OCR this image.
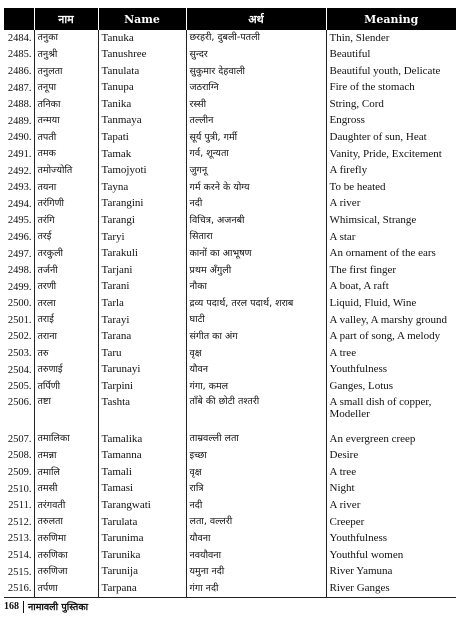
	नाम	Name	अर्थ	Meaning
2484.	तनुका	Tanuka	छरहरी, दुबली-पतली	Thin, Slender
2485.	तनुश्री	Tanushree	सुन्दर	Beautiful
2486.	तनुलता	Tanulata	सुकुमार देहवाली	Beautiful youth, Delicate
2487.	तनूपा	Tanupa	जठराग्नि	Fire of the stomach
2488.	तनिका	Tanika	रस्सी	String, Cord
2489.	तन्मया	Tanmaya	तल्लीन	Engross
2490.	तपती	Tapati	सूर्य पुत्री, गर्मी	Daughter of sun, Heat
2491.	तमक	Tamak	गर्व, शून्यता	Vanity, Pride, Excitement
2492.	तमोज्योति	Tamojyoti	जुगनू	A firefly
2493.	तयना	Tayna	गर्म करने के योग्य	To be heated
2494.	तरंगिणी	Tarangini	नदी	A river
2495.	तरंगि	Tarangi	विचित्र, अजनबी	Whimsical, Strange
2496.	तरई	Taryi	सितारा	A star
2497.	तरकुली	Tarakuli	कानों का आभूषण	An ornament of the ears
2498.	तर्जनी	Tarjani	प्रथम अँगुली	The first finger
2499.	तरणी	Tarani	नौका	A boat, A raft
2500.	तरला	Tarla	द्रव्य पदार्थ, तरल पदार्थ, शराब	Liquid, Fluid, Wine
2501.	तराई	Tarayi	घाटी	A valley, A marshy ground
2502.	तराना	Tarana	संगीत का अंग	A part of song, A melody
2503.	तरु	Taru	वृक्ष	A tree
2504.	तरुणाई	Tarunayi	यौवन	Youthfulness
2505.	तर्पिणी	Tarpini	गंगा, कमल	Ganges, Lotus
2506.	तष्टा	Tashta	ताँबे की छोटी तश्तरी	A small dish of copper, Modeller
2507.	तमालिका	Tamalika	ताम्रवल्ली लता	An evergreen creep
2508.	तमन्ना	Tamanna	इच्छा	Desire
2509.	तमालि	Tamali	वृक्ष	A tree
2510.	तमसी	Tamasi	रात्रि	Night
2511.	तरंगवती	Tarangwati	नदी	A river
2512.	तरुलता	Tarulata	लता, वल्लरी	Creeper
2513.	तरुणिमा	Tarunima	यौवना	Youthfulness
2514.	तरुणिका	Tarunika	नवयौवना	Youthful women
2515.	तरुणिजा	Tarunija	यमुना नदी	River Yamuna
2516.	तर्पणा	Tarpana	गंगा नदी	River Ganges
168 नामावली पुस्तिका
